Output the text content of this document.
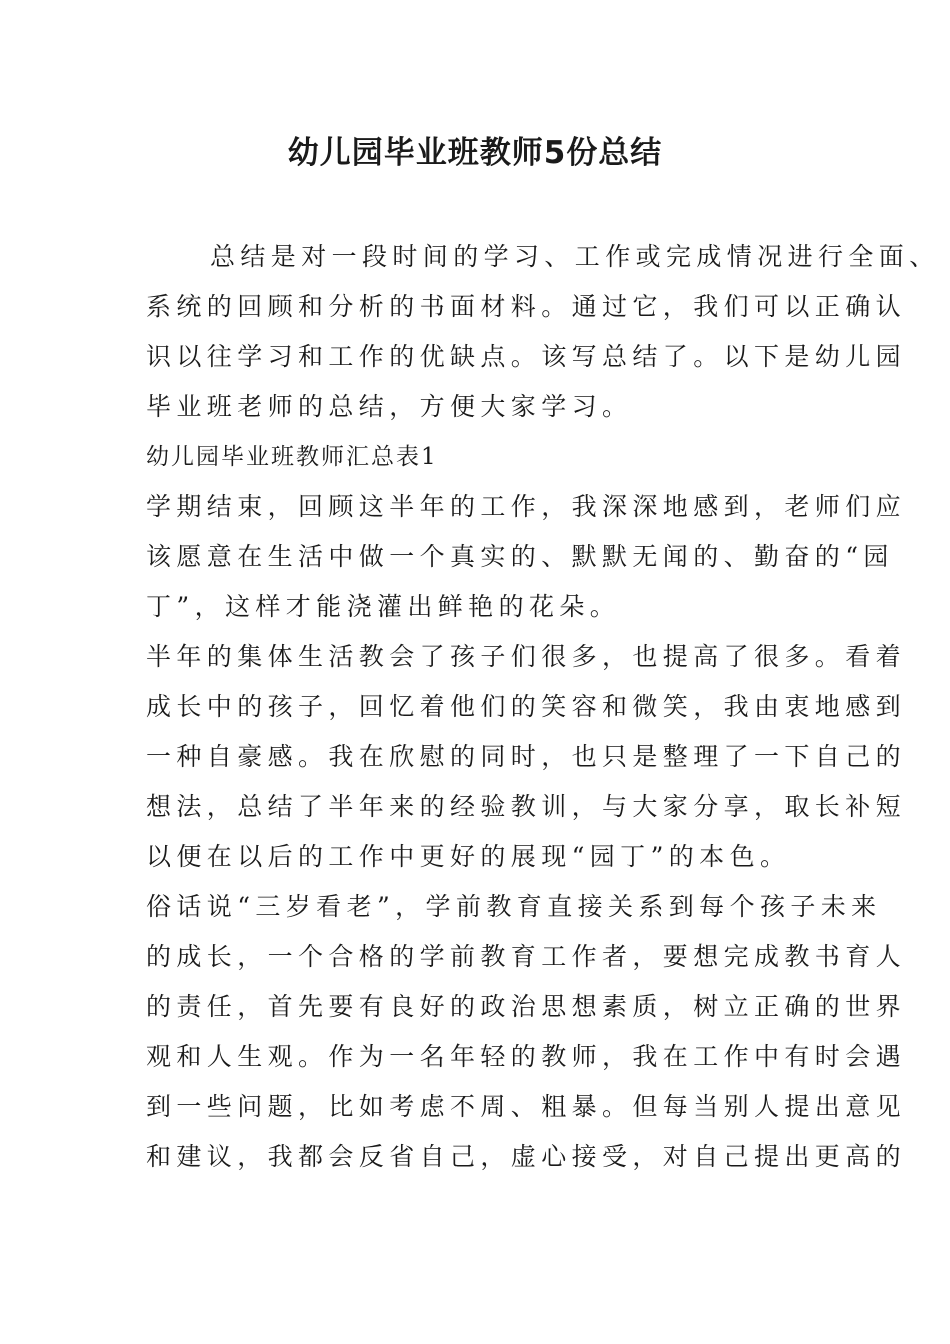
幼儿园毕业班教师5份总结
总结是对一段时间的学习、工作或完成情况进行全面、
系统的回顾和分析的书面材料。通过它，我们可以正确认
识以往学习和工作的优缺点。该写总结了。以下是幼儿园
毕业班老师的总结，方便大家学习。
幼儿园毕业班教师汇总表1
学期结束，回顾这半年的工作，我深深地感到，老师们应
该愿意在生活中做一个真实的、默默无闻的、勤奋的“园
丁”，这样才能浇灌出鲜艳的花朵。
半年的集体生活教会了孩子们很多，也提高了很多。看着
成长中的孩子，回忆着他们的笑容和微笑，我由衷地感到
一种自豪感。我在欣慰的同时，也只是整理了一下自己的
想法，总结了半年来的经验教训，与大家分享，取长补短
以便在以后的工作中更好的展现“园丁”的本色。
俗话说“三岁看老”，学前教育直接关系到每个孩子未来
的成长，一个合格的学前教育工作者，要想完成教书育人
的责任，首先要有良好的政治思想素质，树立正确的世界
观和人生观。作为一名年轻的教师，我在工作中有时会遇
到一些问题，比如考虑不周、粗暴。但每当别人提出意见
和建议，我都会反省自己，虚心接受，对自己提出更高的
